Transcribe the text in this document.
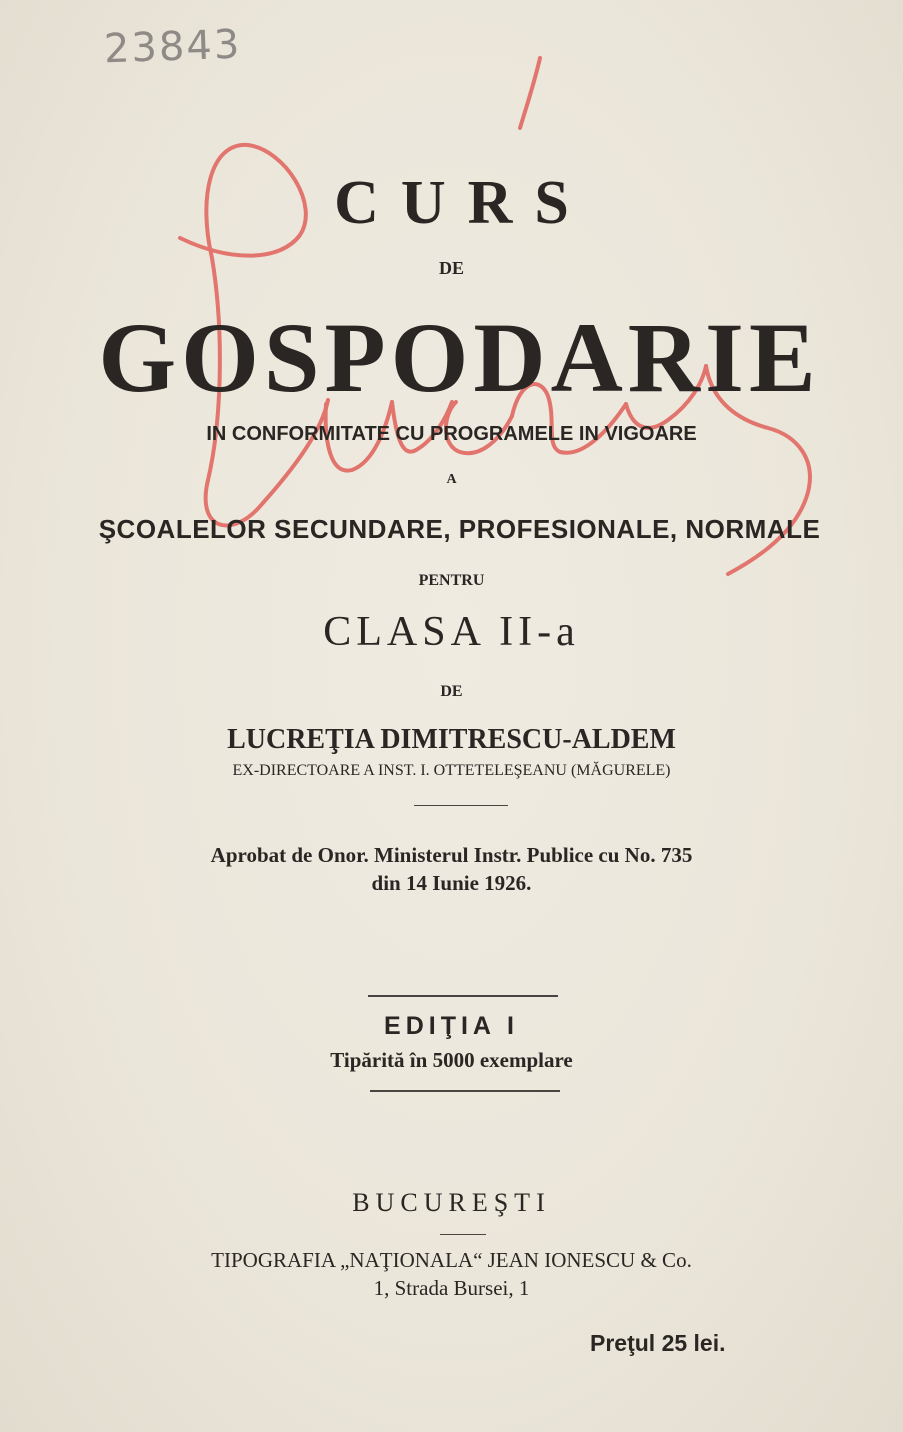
23843
CURS
DE
GOSPODARIE
IN CONFORMITATE CU PROGRAMELE IN VIGOARE
A
ŞCOALELOR SECUNDARE, PROFESIONALE, NORMALE
PENTRU
CLASA II-a
DE
LUCREŢIA DIMITRESCU-ALDEM
EX-DIRECTOARE A INST. I. OTTETELEŞEANU (MĂGURELE)
Aprobat de Onor. Ministerul Instr. Publice cu No. 735
din 14 Iunie 1926.
EDIŢIA I
Tipărită în 5000 exemplare
BUCUREŞTI
TIPOGRAFIA „NAŢIONALA“ JEAN IONESCU & Co.
1, Strada Bursei, 1
Preţul 25 lei.
